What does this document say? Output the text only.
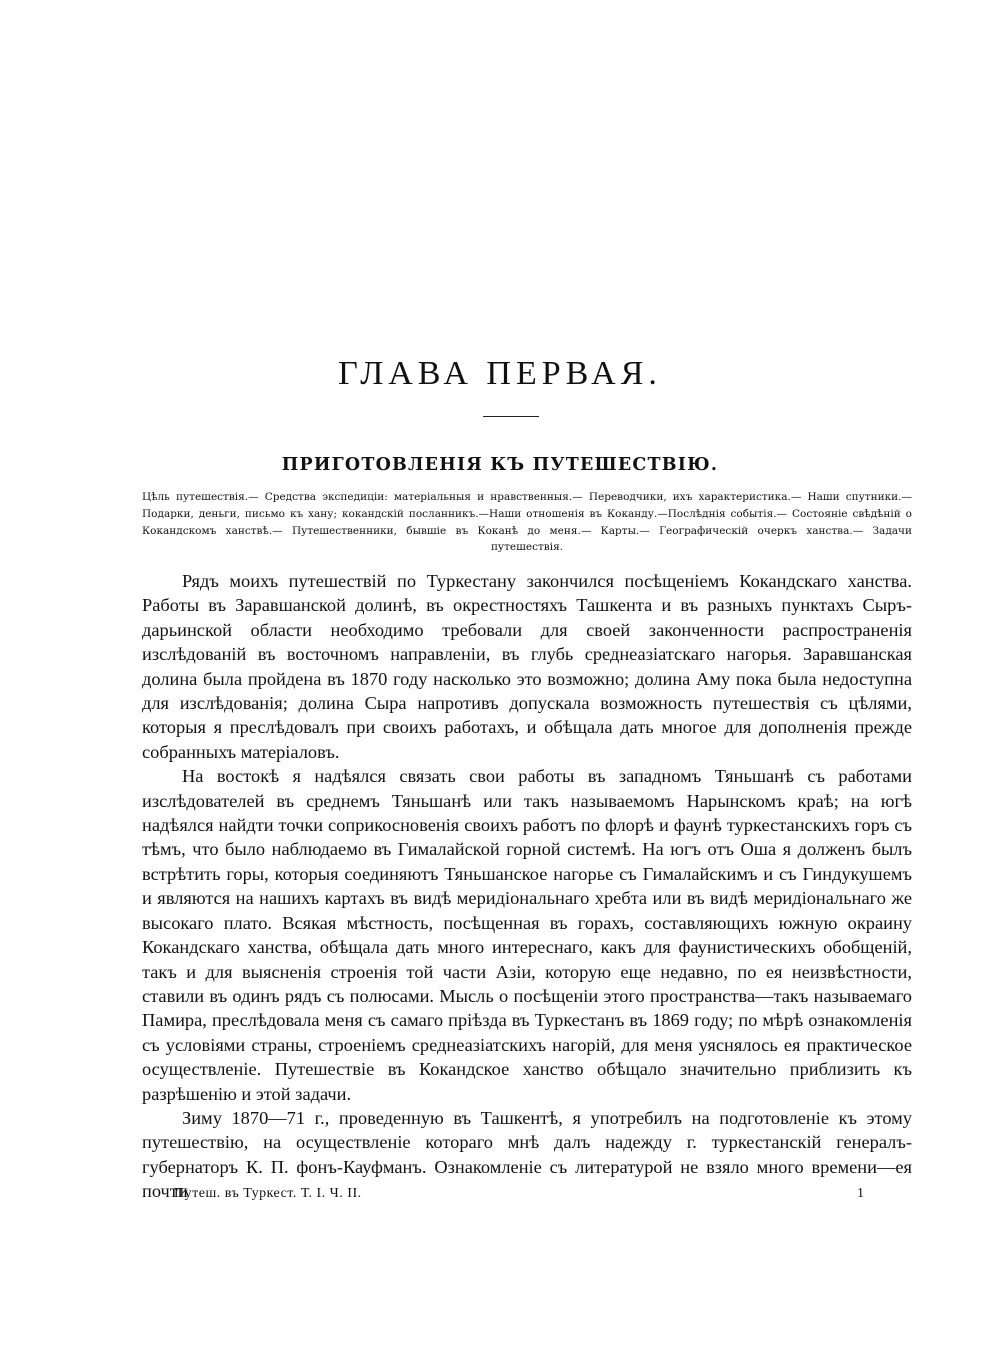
ГЛАВА ПЕРВАЯ.
ПРИГОТОВЛЕНІЯ КЪ ПУТЕШЕСТВІЮ.
Цѣль путешествія.— Средства экспедиціи: матеріальныя и нравственныя.— Переводчики, ихъ характеристика.— Наши спутники.—Подарки, деньги, письмо къ хану; кокандскій посланникъ.—Наши отношенія въ Коканду.—Послѣднія событія.— Состояніе свѣдѣній о Кокандскомъ ханствѣ.— Путешественники, бывшіе въ Коканѣ до меня.— Карты.— Географическій очеркъ ханства.— Задачи путешествія.

Рядъ моихъ путешествій по Туркестану закончился посѣщеніемъ Кокандскаго ханства. Работы въ Заравшанской долинѣ, въ окрестностяхъ Ташкента и въ разныхъ пунктахъ Сыръ-дарьинской области необходимо требовали для своей законченности распространенія изслѣдованій въ восточномъ направленіи, въ глубь среднеазіатскаго нагорья. Заравшанская долина была пройдена въ 1870 году насколько это возможно; долина Аму пока была недоступна для изслѣдованія; долина Сыра напротивъ допускала возможность путешествія съ цѣлями, которыя я преслѣдовалъ при своихъ работахъ, и обѣщала дать многое для дополненія прежде собранныхъ матеріаловъ.

На востокѣ я надѣялся связать свои работы въ западномъ Тяньшанѣ съ работами изслѣдователей въ среднемъ Тяньшанѣ или такъ называемомъ Нарынскомъ краѣ; на югѣ надѣялся найдти точки соприкосновенія своихъ работъ по флорѣ и фаунѣ туркестанскихъ горъ съ тѣмъ, что было наблюдаемо въ Гималайской горной системѣ. На югъ отъ Оша я долженъ былъ встрѣтить горы, которыя соединяютъ Тяньшанское нагорье съ Гималайскимъ и съ Гиндукушемъ и являются на нашихъ картахъ въ видѣ меридіональнаго хребта или въ видѣ меридіональнаго же высокаго плато. Всякая мѣстность, посѣщенная въ горахъ, составляющихъ южную окраину Кокандскаго ханства, обѣщала дать много интереснаго, какъ для фаунистическихъ обобщеній, такъ и для выясненія строенія той части Азіи, которую еще недавно, по ея неизвѣстности, ставили въ одинъ рядъ съ полюсами. Мысль о посѣщеніи этого пространства—такъ называемаго Памира, преслѣдовала меня съ самаго пріѣзда въ Туркестанъ въ 1869 году; по мѣрѣ ознакомленія съ условіями страны, строеніемъ среднеазіатскихъ нагорій, для меня уяснялось ея практическое осуществленіе. Путешествіе въ Кокандское ханство обѣщало значительно приблизить къ разрѣшенію и этой задачи.

Зиму 1870—71 г., проведенную въ Ташкентѣ, я употребилъ на подготовленіе къ этому путешествію, на осуществленіе котораго мнѣ далъ надежду г. туркестанскій генералъ-губернаторъ К. П. фонъ-Кауфманъ. Ознакомленіе съ литературой не взяло много времени—ея почти

Путеш. въ Туркест. Т. I. Ч. II.	1
